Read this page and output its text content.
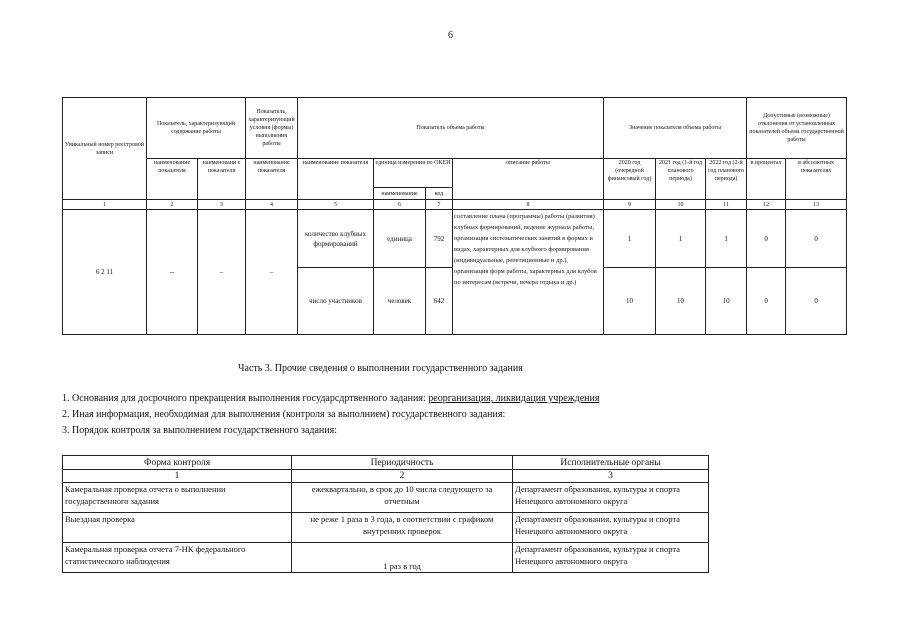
6
Уникальный номер реестровой записи	Показатель, характеризующий содержание работы		Показатель, характеризующий условия (формы) выполнения работы	Показатель объема работы				Значение показателя объема работы			Допустимые (возможные) отклонения от установленных показателей объема государственной работы	
	наименование показателя	наименовани е показателя	наименование показателя	наименование показателя	единица измерения по ОКЕИ		описание работы	2020 год (очередной финансовый год)	2021 год (1-й год планового периода)	2022 год (2-й год планового периода)	в процентах	в абсолютных показателях
					наименование	код						
1	2	3	4	5	6	7	8	9	10	11	12	13
6 2 11	--	–	–	количество клубных формирований	единица	792	составление плана (программы) работы (развития) клубных формирований, ведение журнала работы, организация систематических занятий в формах и видах, характерных для клубного формирования (индивидуальные, репетиционные и др.), организация форм работы, характерных для клубов по интересам (встречи, вечера отдыха и др.)	1	1	1	0	0
				число участников	человек	642		10	10	10	0	0
Часть 3. Прочие сведения о выполнении государственного задания
1. Основания для досрочного прекращения выполнения государсдртвенного задания: реорганизация, ликвидация учреждения
2. Иная информация, необходимая для выполнения (контроля за выполнием) государственного задания:
3. Порядок контроля за выполнением государственного задания:
Форма контроля	Периодичность	Исполнительные органы
1	2	3
Камеральная проверка отчета о выполнении государственного задания	ежеквартально, в срок до 10 числа следующего за отчетным	Департамент образования, культуры и спорта Ненецкого автономного округа
Выездная проверка	не реже 1 раза в 3 года, в соответствии с графиком внутренних проверок	Департамент образования, культуры и спорта Ненецкого автономного округа
Камеральная проверка отчета 7-НК федерального статистического наблюдения	1 раз в год	Департамент образования, культуры и спорта Ненецкого автономного округа
